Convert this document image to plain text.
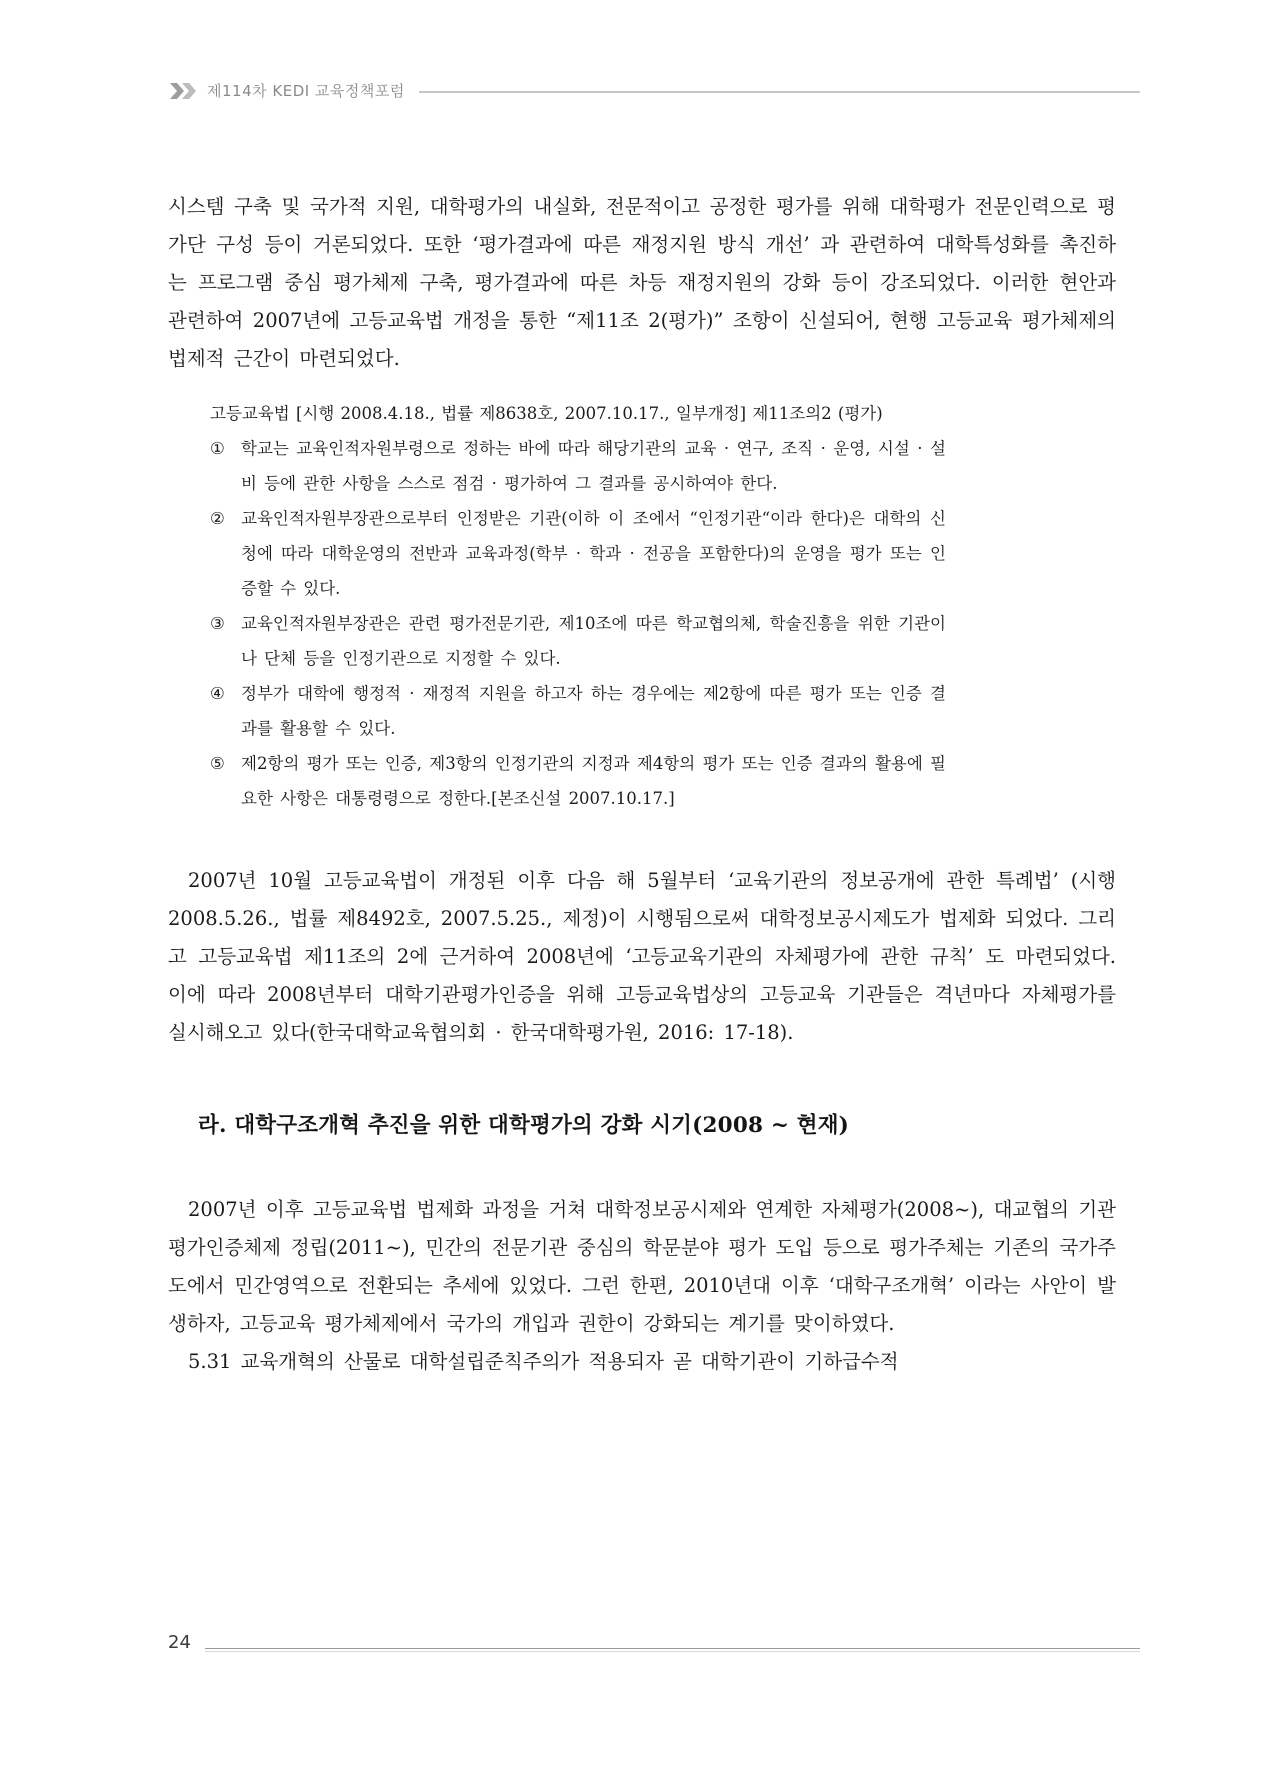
제114차 KEDI 교육정책포럼

시스템 구축 및 국가적 지원, 대학평가의 내실화, 전문적이고 공정한 평가를 위해 대학평가 전문인력으로 평가단 구성 등이 거론되었다. 또한 ‘평가결과에 따른 재정지원 방식 개선’ 과 관련하여 대학특성화를 촉진하는 프로그램 중심 평가체제 구축, 평가결과에 따른 차등 재정지원의 강화 등이 강조되었다. 이러한 현안과 관련하여 2007년에 고등교육법 개정을 통한 “제11조 2(평가)” 조항이 신설되어, 현행 고등교육 평가체제의 법제적 근간이 마련되었다.

고등교육법 [시행 2008.4.18., 법률 제8638호, 2007.10.17., 일부개정] 제11조의2 (평가)

① 학교는 교육인적자원부령으로 정하는 바에 따라 해당기관의 교육 · 연구, 조직 · 운영, 시설 · 설비 등에 관한 사항을 스스로 점검 · 평가하여 그 결과를 공시하여야 한다.
② 교육인적자원부장관으로부터 인정받은 기관(이하 이 조에서 “인정기관“이라 한다)은 대학의 신청에 따라 대학운영의 전반과 교육과정(학부 · 학과 · 전공을 포함한다)의 운영을 평가 또는 인증할 수 있다.
③ 교육인적자원부장관은 관련 평가전문기관, 제10조에 따른 학교협의체, 학술진흥을 위한 기관이나 단체 등을 인정기관으로 지정할 수 있다.
④ 정부가 대학에 행정적 · 재정적 지원을 하고자 하는 경우에는 제2항에 따른 평가 또는 인증 결과를 활용할 수 있다.
⑤ 제2항의 평가 또는 인증, 제3항의 인정기관의 지정과 제4항의 평가 또는 인증 결과의 활용에 필요한 사항은 대통령령으로 정한다.[본조신설 2007.10.17.]

2007년 10월 고등교육법이 개정된 이후 다음 해 5월부터 ‘교육기관의 정보공개에 관한 특례법’ (시행 2008.5.26., 법률 제8492호, 2007.5.25., 제정)이 시행됨으로써 대학정보공시제도가 법제화 되었다. 그리고 고등교육법 제11조의 2에 근거하여 2008년에 ‘고등교육기관의 자체평가에 관한 규칙’ 도 마련되었다. 이에 따라 2008년부터 대학기관평가인증을 위해 고등교육법상의 고등교육 기관들은 격년마다 자체평가를 실시해오고 있다(한국대학교육협의회 · 한국대학평가원, 2016: 17-18).

라. 대학구조개혁 추진을 위한 대학평가의 강화 시기(2008 ~ 현재)

2007년 이후 고등교육법 법제화 과정을 거쳐 대학정보공시제와 연계한 자체평가(2008~), 대교협의 기관평가인증체제 정립(2011~), 민간의 전문기관 중심의 학문분야 평가 도입 등으로 평가주체는 기존의 국가주도에서 민간영역으로 전환되는 추세에 있었다. 그런 한편, 2010년대 이후 ‘대학구조개혁’ 이라는 사안이 발생하자, 고등교육 평가체제에서 국가의 개입과 권한이 강화되는 계기를 맞이하였다.

5.31 교육개혁의 산물로 대학설립준칙주의가 적용되자 곧 대학기관이 기하급수적

24
